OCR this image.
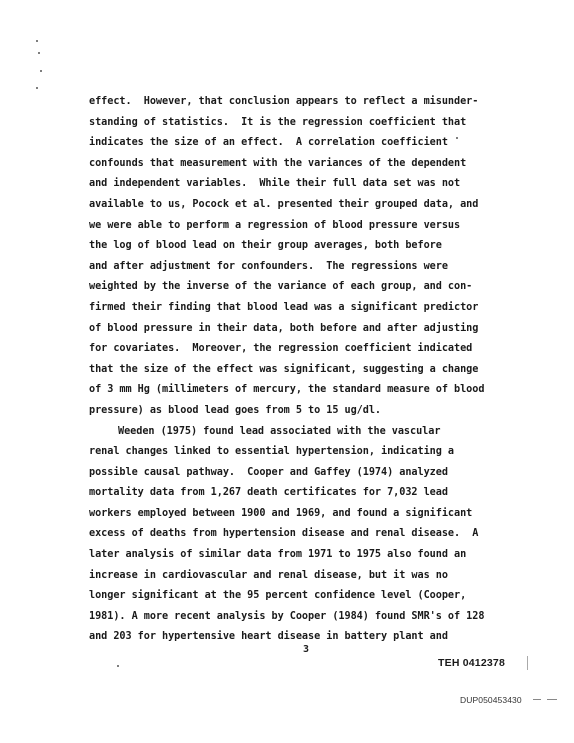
effect.  However, that conclusion appears to reflect a misunder-
standing of statistics.  It is the regression coefficient that
indicates the size of an effect.  A correlation coefficient
confounds that measurement with the variances of the dependent
and independent variables.  While their full data set was not
available to us, Pocock et al. presented their grouped data, and
we were able to perform a regression of blood pressure versus
the log of blood lead on their group averages, both before
and after adjustment for confounders.  The regressions were
weighted by the inverse of the variance of each group, and con-
firmed their finding that blood lead was a significant predictor
of blood pressure in their data, both before and after adjusting
for covariates.  Moreover, the regression coefficient indicated
that the size of the effect was significant, suggesting a change
of 3 mm Hg (millimeters of mercury, the standard measure of blood
pressure) as blood lead goes from 5 to 15 ug/dl.
Weeden (1975) found lead associated with the vascular
renal changes linked to essential hypertension, indicating a
possible causal pathway.  Cooper and Gaffey (1974) analyzed
mortality data from 1,267 death certificates for 7,032 lead
workers employed between 1900 and 1969, and found a significant
excess of deaths from hypertension disease and renal disease.  A
later analysis of similar data from 1971 to 1975 also found an
increase in cardiovascular and renal disease, but it was no
longer significant at the 95 percent confidence level (Cooper,
1981). A more recent analysis by Cooper (1984) found SMR's of 128
and 203 for hypertensive heart disease in battery plant and
3
TEH 0412378
DUP050453430
